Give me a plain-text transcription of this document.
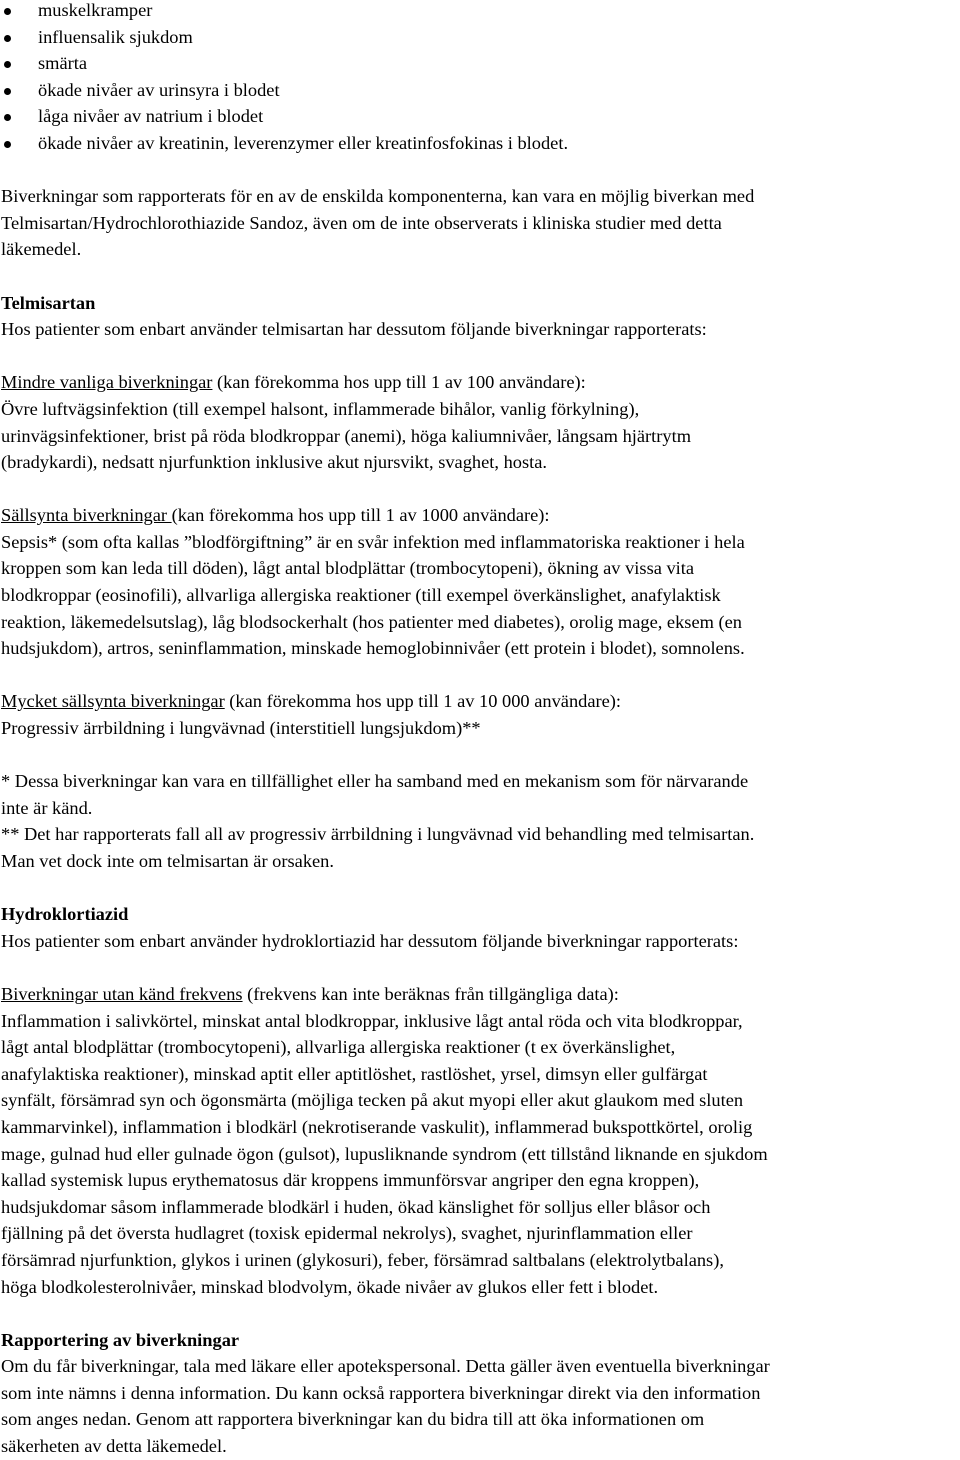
muskelkramper
influensalik sjukdom
smärta
ökade nivåer av urinsyra i blodet
låga nivåer av natrium i blodet
ökade nivåer av kreatinin, leverenzymer eller kreatinfosfokinas i blodet.

Biverkningar som rapporterats för en av de enskilda komponenterna, kan vara en möjlig biverkan med
Telmisartan/Hydrochlorothiazide Sandoz, även om de inte observerats i kliniska studier med detta
läkemedel.

Telmisartan
Hos patienter som enbart använder telmisartan har dessutom följande biverkningar rapporterats:

Mindre vanliga biverkningar (kan förekomma hos upp till 1 av 100 användare):
Övre luftvägsinfektion (till exempel halsont, inflammerade bihålor, vanlig förkylning),
urinvägsinfektioner, brist på röda blodkroppar (anemi), höga kaliumnivåer, långsam hjärtrytm
(bradykardi), nedsatt njurfunktion inklusive akut njursvikt, svaghet, hosta.

Sällsynta biverkningar (kan förekomma hos upp till 1 av 1000 användare):
Sepsis* (som ofta kallas ”blodförgiftning” är en svår infektion med inflammatoriska reaktioner i hela
kroppen som kan leda till döden), lågt antal blodplättar (trombocytopeni), ökning av vissa vita
blodkroppar (eosinofili), allvarliga allergiska reaktioner (till exempel överkänslighet, anafylaktisk
reaktion, läkemedelsutslag), låg blodsockerhalt (hos patienter med diabetes), orolig mage, eksem (en
hudsjukdom), artros, seninflammation, minskade hemoglobinnivåer (ett protein i blodet), somnolens.

Mycket sällsynta biverkningar (kan förekomma hos upp till 1 av 10 000 användare):
Progressiv ärrbildning i lungvävnad (interstitiell lungsjukdom)**

* Dessa biverkningar kan vara en tillfällighet eller ha samband med en mekanism som för närvarande
inte är känd.
** Det har rapporterats fall all av progressiv ärrbildning i lungvävnad vid behandling med telmisartan.
Man vet dock inte om telmisartan är orsaken.

Hydroklortiazid
Hos patienter som enbart använder hydroklortiazid har dessutom följande biverkningar rapporterats:

Biverkningar utan känd frekvens (frekvens kan inte beräknas från tillgängliga data):
Inflammation i salivkörtel, minskat antal blodkroppar, inklusive lågt antal röda och vita blodkroppar,
lågt antal blodplättar (trombocytopeni), allvarliga allergiska reaktioner (t ex överkänslighet,
anafylaktiska reaktioner), minskad aptit eller aptitlöshet, rastlöshet, yrsel, dimsyn eller gulfärgat
synfält, försämrad syn och ögonsmärta (möjliga tecken på akut myopi eller akut glaukom med sluten
kammarvinkel), inflammation i blodkärl (nekrotiserande vaskulit), inflammerad bukspottkörtel, orolig
mage, gulnad hud eller gulnade ögon (gulsot), lupusliknande syndrom (ett tillstånd liknande en sjukdom
kallad systemisk lupus erythematosus där kroppens immunförsvar angriper den egna kroppen),
hudsjukdomar såsom inflammerade blodkärl i huden, ökad känslighet för solljus eller blåsor och
fjällning på det översta hudlagret (toxisk epidermal nekrolys), svaghet, njurinflammation eller
försämrad njurfunktion, glykos i urinen (glykosuri), feber, försämrad saltbalans (elektrolytbalans),
höga blodkolesterolnivåer, minskad blodvolym, ökade nivåer av glukos eller fett i blodet.

Rapportering av biverkningar
Om du får biverkningar, tala med läkare eller apotekspersonal. Detta gäller även eventuella biverkningar
som inte nämns i denna information. Du kann också rapportera biverkningar direkt via den information
som anges nedan. Genom att rapportera biverkningar kan du bidra till att öka informationen om
säkerheten av detta läkemedel.
